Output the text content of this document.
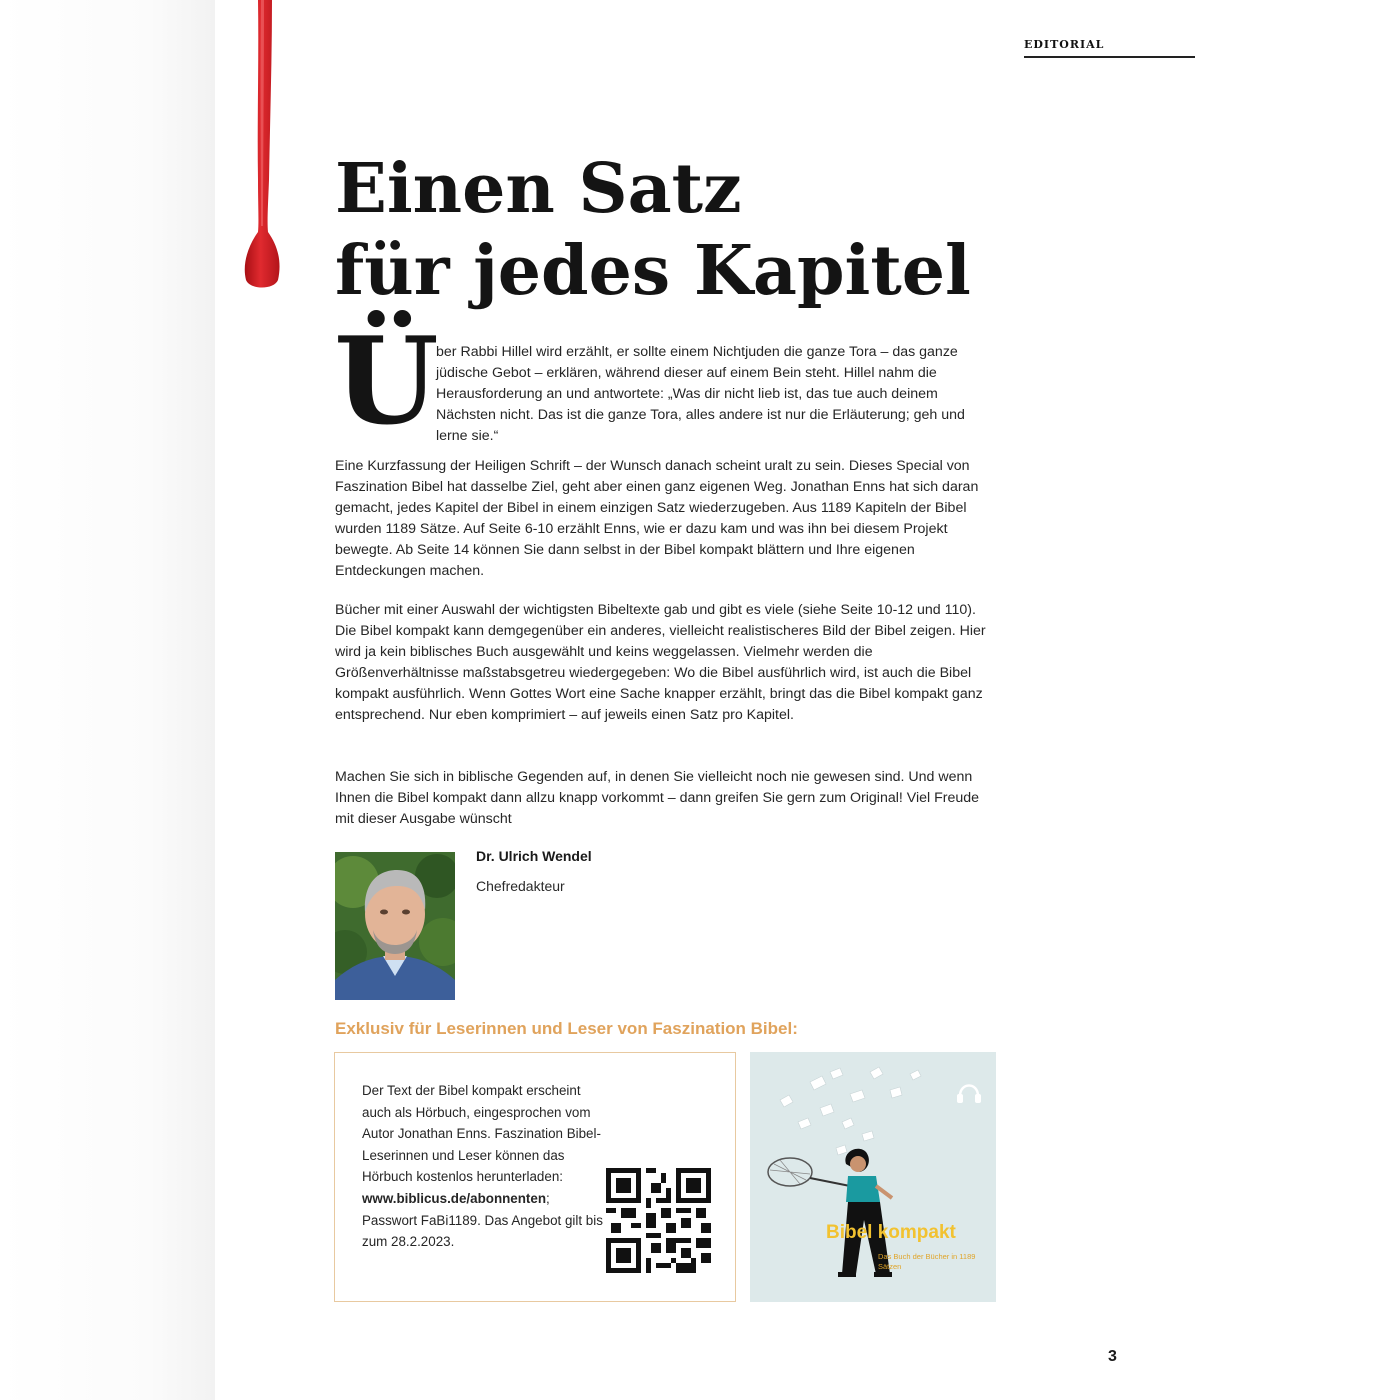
EDITORIAL
Einen Satz
für jedes Kapitel
Ü

ber Rabbi Hillel wird erzählt, er sollte einem Nichtjuden die ganze Tora – das ganze jüdische Gebot – erklären, während dieser auf einem Bein steht. Hillel nahm die Herausforderung an und antwortete: „Was dir nicht lieb ist, das tue auch deinem Nächsten nicht. Das ist die ganze Tora, alles andere ist nur die Erläuterung; geh und lerne sie.“

Eine Kurzfassung der Heiligen Schrift – der Wunsch danach scheint uralt zu sein. Dieses Special von Faszination Bibel hat dasselbe Ziel, geht aber einen ganz eigenen Weg. Jonathan Enns hat sich daran gemacht, jedes Kapitel der Bibel in einem einzigen Satz wiederzugeben. Aus 1189 Kapiteln der Bibel wurden 1189 Sätze. Auf Seite 6-10 erzählt Enns, wie er dazu kam und was ihn bei diesem Projekt bewegte. Ab Seite 14 können Sie dann selbst in der Bibel kompakt blättern und Ihre eigenen Entdeckungen machen.

Bücher mit einer Auswahl der wichtigsten Bibeltexte gab und gibt es viele (siehe Seite 10-12 und 110). Die Bibel kompakt kann demgegenüber ein anderes, vielleicht realistischeres Bild der Bibel zeigen. Hier wird ja kein biblisches Buch ausgewählt und keins weggelassen. Vielmehr werden die Größenverhältnisse maßstabsgetreu wiedergegeben: Wo die Bibel ausführlich wird, ist auch die Bibel kompakt ausführlich. Wenn Gottes Wort eine Sache knapper erzählt, bringt das die Bibel kompakt ganz entsprechend. Nur eben komprimiert – auf jeweils einen Satz pro Kapitel.

Machen Sie sich in biblische Gegenden auf, in denen Sie vielleicht noch nie gewesen sind. Und wenn Ihnen die Bibel kompakt dann allzu knapp vorkommt – dann greifen Sie gern zum Original! Viel Freude mit dieser Ausgabe wünscht

Dr. Ulrich Wendel
Chefredakteur
Exklusiv für Leserinnen und Leser von Faszination Bibel:

Der Text der Bibel kompakt erscheint auch als Hörbuch, eingesprochen vom Autor Jonathan Enns. Faszination Bibel-Leserinnen und Leser können das Hörbuch kostenlos herunterladen: www.biblicus.de/abonnenten; Passwort FaBi1189. Das Angebot gilt bis zum 28.2.2023.	Bibel kompakt
Das Buch der Bücher in 1189 Sätzen
3
